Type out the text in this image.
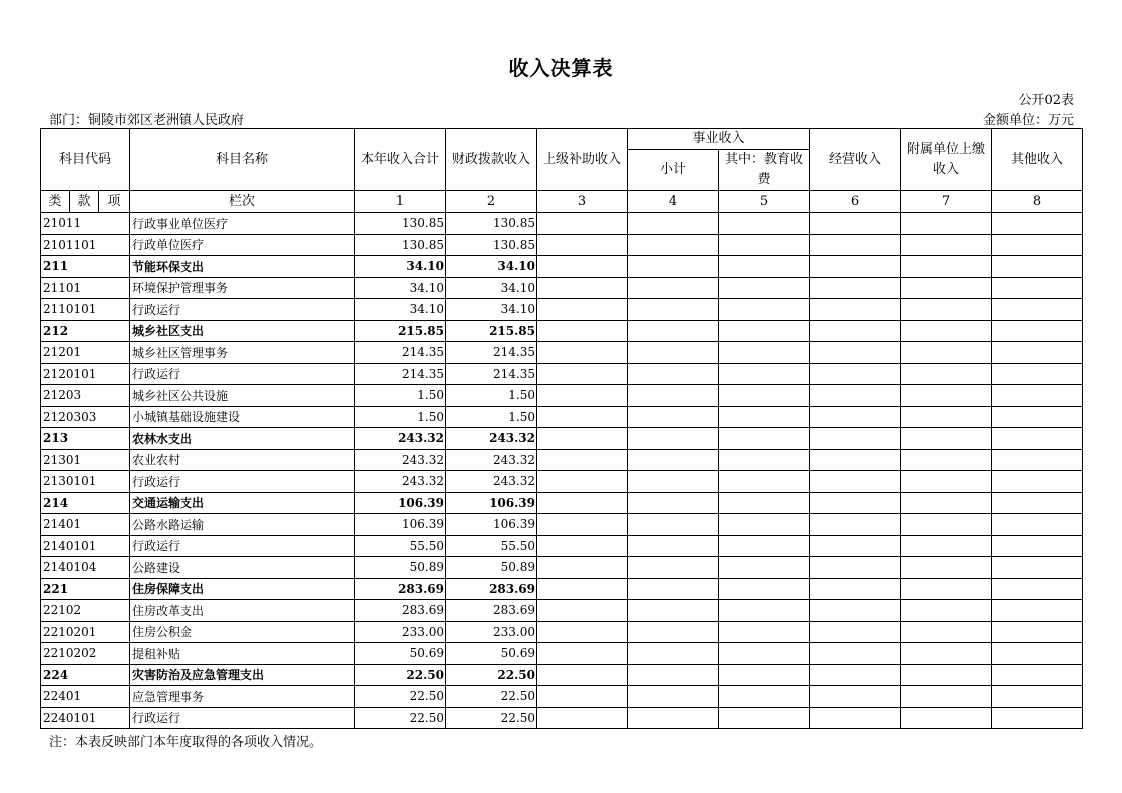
收入决算表
公开02表
部门：铜陵市郊区老洲镇人民政府	金额单位：万元
科目代码			科目名称	本年收入合计	财政拨款收入	上级补助收入	事业收入		经营收入	附属单位上缴收入	其他收入
							小计	其中：教育收费			
类	款	项	栏次	1	2	3	4	5	6	7	8
21011			行政事业单位医疗	130.85	130.85						
2101101			行政单位医疗	130.85	130.85						
211			节能环保支出	34.10	34.10						
21101			环境保护管理事务	34.10	34.10						
2110101			行政运行	34.10	34.10						
212			城乡社区支出	215.85	215.85						
21201			城乡社区管理事务	214.35	214.35						
2120101			行政运行	214.35	214.35						
21203			城乡社区公共设施	1.50	1.50						
2120303			小城镇基础设施建设	1.50	1.50						
213			农林水支出	243.32	243.32						
21301			农业农村	243.32	243.32						
2130101			行政运行	243.32	243.32						
214			交通运输支出	106.39	106.39						
21401			公路水路运输	106.39	106.39						
2140101			行政运行	55.50	55.50						
2140104			公路建设	50.89	50.89						
221			住房保障支出	283.69	283.69						
22102			住房改革支出	283.69	283.69						
2210201			住房公积金	233.00	233.00						
2210202			提租补贴	50.69	50.69						
224			灾害防治及应急管理支出	22.50	22.50						
22401			应急管理事务	22.50	22.50						
2240101			行政运行	22.50	22.50						
注：本表反映部门本年度取得的各项收入情况。
